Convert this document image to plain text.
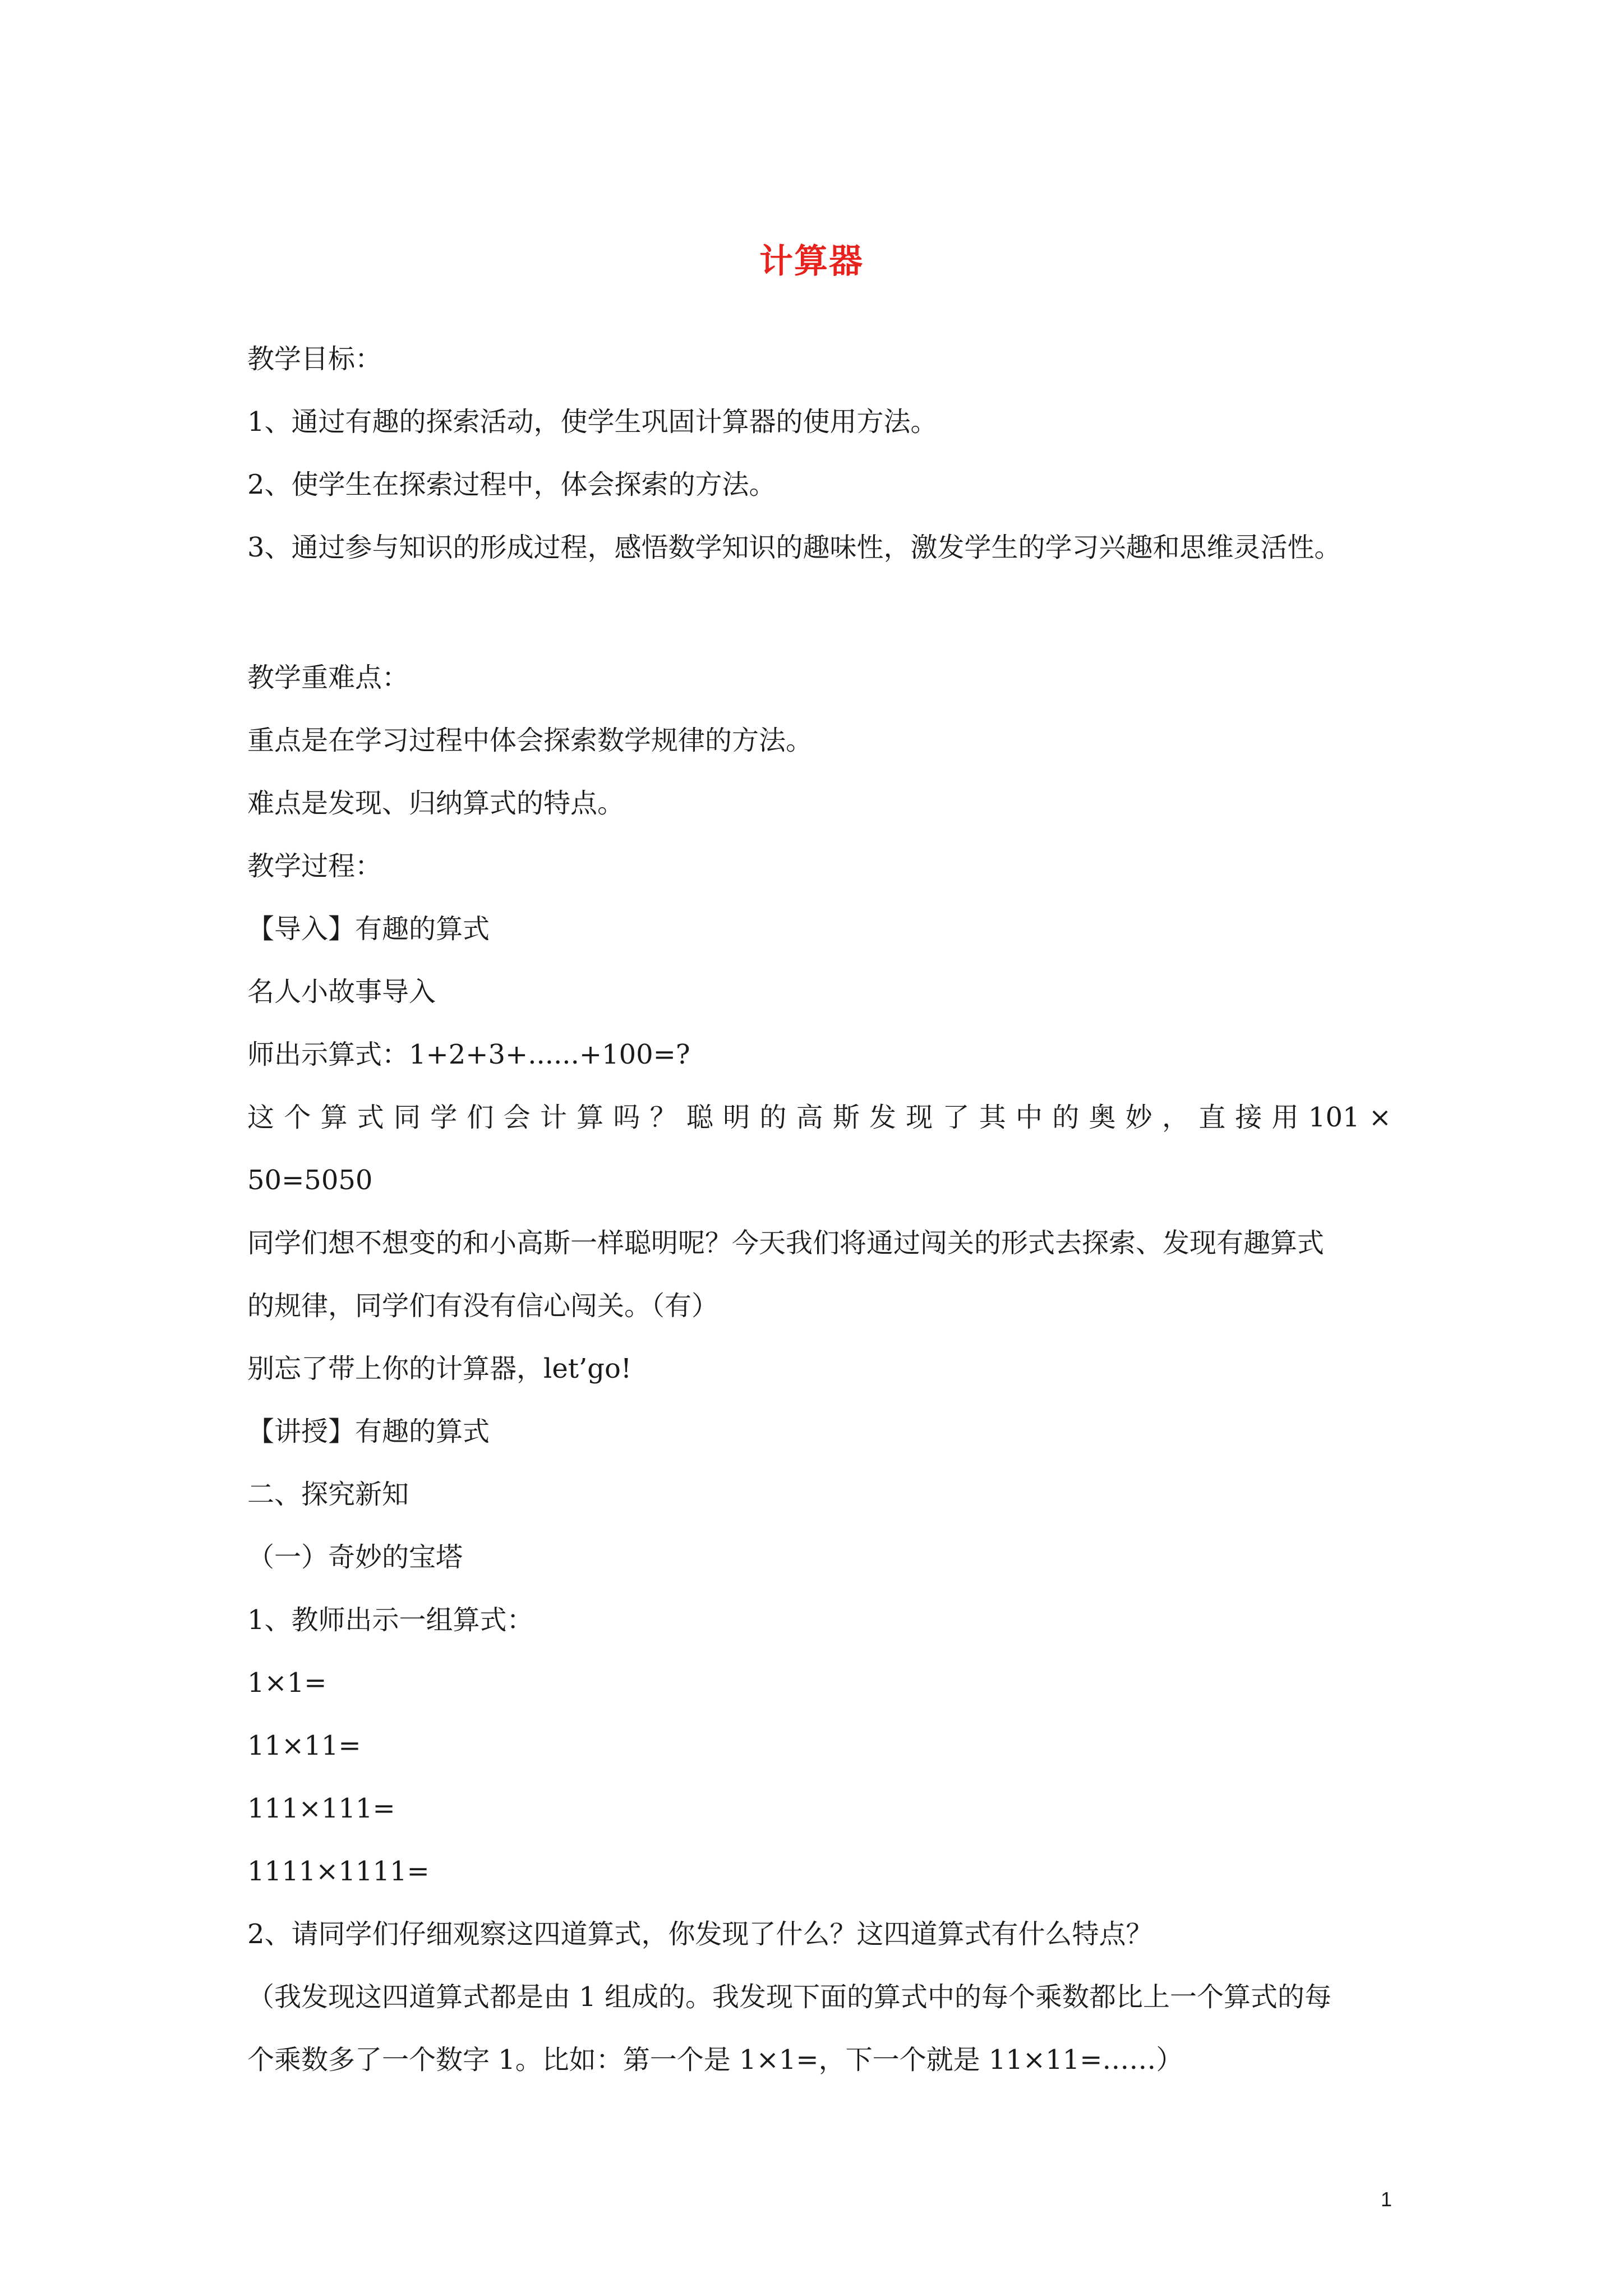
计算器
教学目标：
1、通过有趣的探索活动，使学生巩固计算器的使用方法。
2、使学生在探索过程中，体会探索的方法。
3、通过参与知识的形成过程，感悟数学知识的趣味性，激发学生的学习兴趣和思维灵活性。
教学重难点：
重点是在学习过程中体会探索数学规律的方法。
难点是发现、归纳算式的特点。
教学过程：
【导入】有趣的算式
名人小故事导入
师出示算式：1+2+3+......+100=?
这 个 算 式 同 学 们 会 计 算 吗 ？ 聪 明 的 高 斯 发 现 了 其 中 的 奥 妙 ， 直 接 用 101 ×
50=5050
同学们想不想变的和小高斯一样聪明呢？今天我们将通过闯关的形式去探索、发现有趣算式
的规律，同学们有没有信心闯关。（有）
别忘了带上你的计算器，let’go!
【讲授】有趣的算式
二、探究新知
（一）奇妙的宝塔
1、教师出示一组算式：
1×1=
11×11=
111×111=
1111×1111=
2、请同学们仔细观察这四道算式，你发现了什么？这四道算式有什么特点？
（我发现这四道算式都是由 1 组成的。我发现下面的算式中的每个乘数都比上一个算式的每
个乘数多了一个数字 1。比如：第一个是 1×1=，下一个就是 11×11=……）
1
